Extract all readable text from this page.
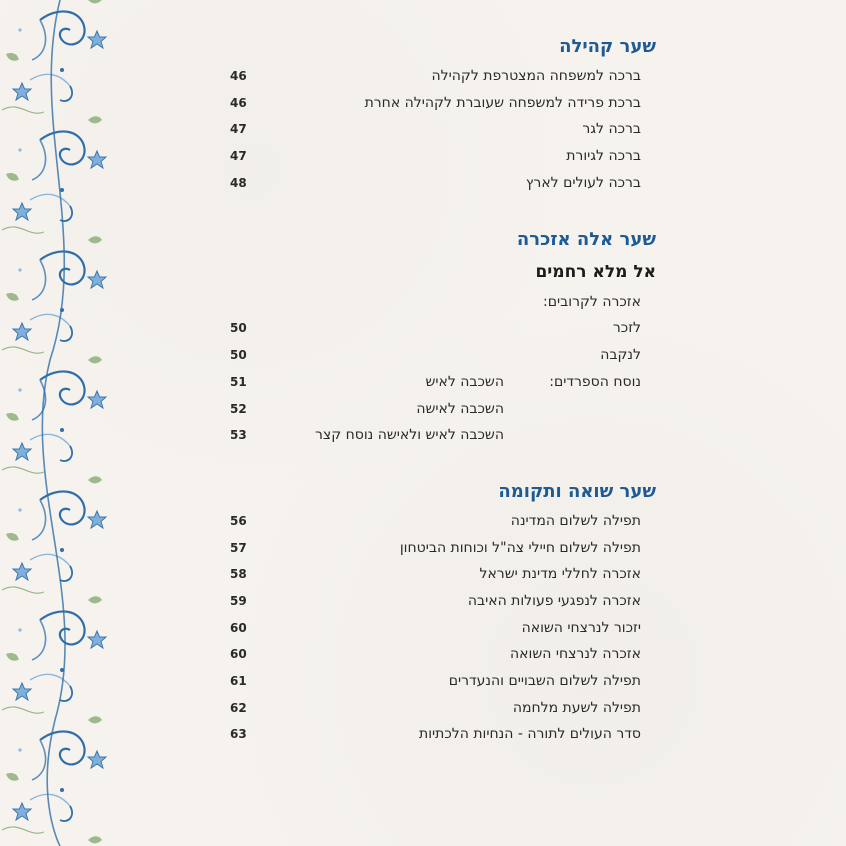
שער קהילה
ברכה למשפחה המצטרפת לקהילה
46
ברכת פרידה למשפחה שעוברת לקהילה אחרת
46
ברכה לגר
47
ברכה לגיורת
47
ברכה לעולים לארץ
48
שער אלה אזכרה
אל מלא רחמים
אזכרה לקרובים:
לזכר
50
לנקבה
50
נוסח הספרדים:
השכבה לאיש
51
השכבה לאישה
52
השכבה לאיש ולאישה נוסח קצר
53
שער שואה ותקומה
תפילה לשלום המדינה
56
תפילה לשלום חיילי צה"ל וכוחות הביטחון
57
אזכרה לחללי מדינת ישראל
58
אזכרה לנפגעי פעולות האיבה
59
יזכור לנרצחי השואה
60
אזכרה לנרצחי השואה
60
תפילה לשלום השבויים והנעדרים
61
תפילה לשעת מלחמה
62
סדר העולים לתורה - הנחיות הלכתיות
63
